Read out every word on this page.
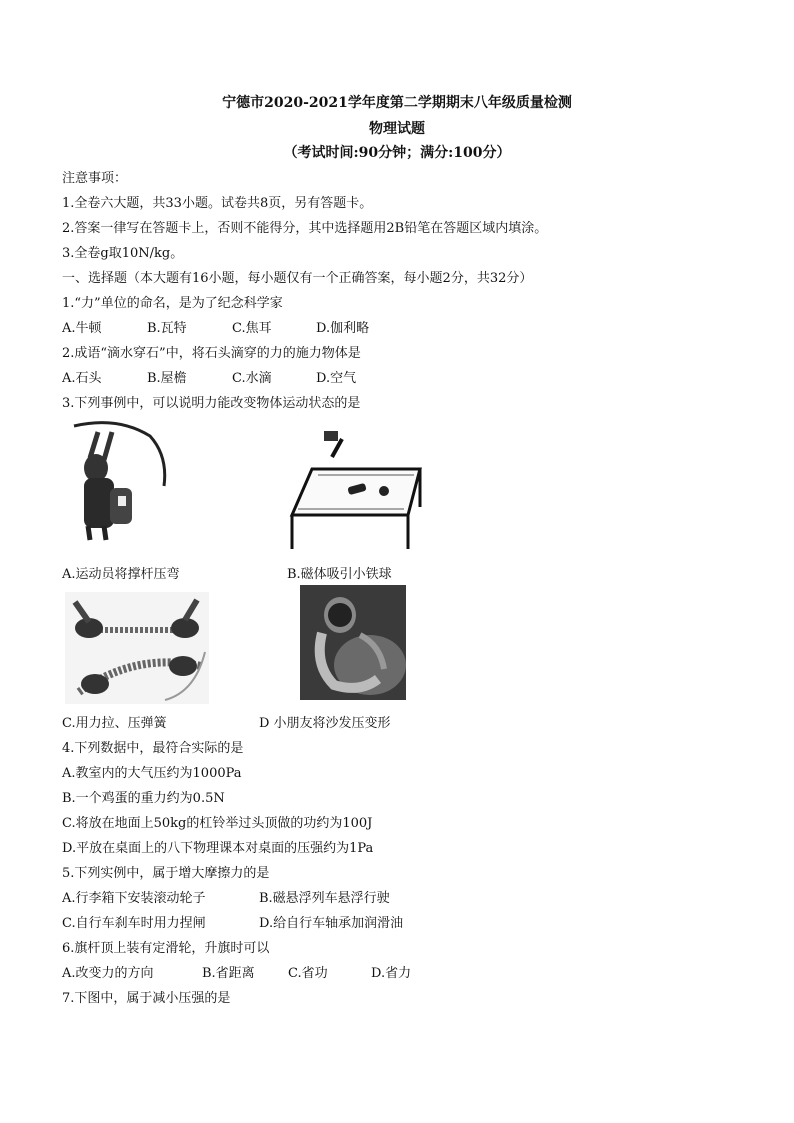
宁德市2020-2021学年度第二学期期末八年级质量检测
物理试题
（考试时间:90分钟；满分:100分）
注意事项：
1.全卷六大题，共33小题。试卷共8页，另有答题卡。
2.答案一律写在答题卡上，否则不能得分，其中选择题用2B铅笔在答题区域内填涂。
3.全卷g取10N/kg。
一、选择题（本大题有16小题，每小题仅有一个正确答案，每小题2分，共32分）
1.“力”单位的命名，是为了纪念科学家
A.牛顿	B.瓦特	C.焦耳	D.伽利略
2.成语“滴水穿石”中，将石头滴穿的力的施力物体是
A.石头	B.屋檐	C.水滴	D.空气
3.下列事例中，可以说明力能改变物体运动状态的是
A.运动员将撑杆压弯	B.磁体吸引小铁球
C.用力拉、压弹簧	D 小朋友将沙发压变形
4.下列数据中，最符合实际的是
A.教室内的大气压约为1000Pa
B.一个鸡蛋的重力约为0.5N
C.将放在地面上50kg的杠铃举过头顶做的功约为100J
D.平放在桌面上的八下物理课本对桌面的压强约为1Pa
5.下列实例中，属于增大摩擦力的是
A.行李箱下安装滚动轮子	B.磁悬浮列车悬浮行驶
C.自行车刹车时用力捏闸	D.给自行车轴承加润滑油
6.旗杆顶上装有定滑轮，升旗时可以
A.改变力的方向	B.省距离	C.省功	D.省力
7.下图中，属于减小压强的是
